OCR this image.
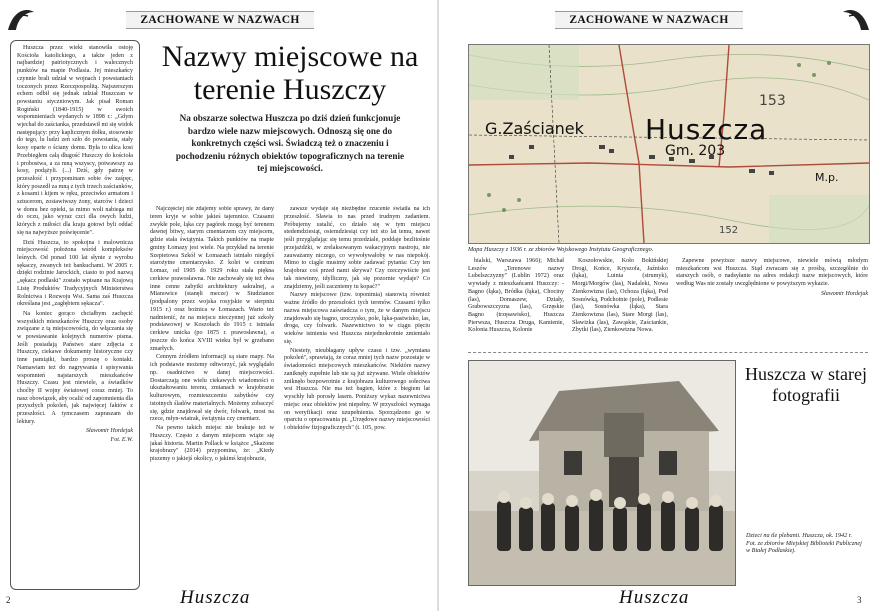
ZACHOWANE W NAZWACH

Huszcza przez wieki stanowiła ostoję Kościoła katolickiego, a także jeden z najbardziej patriotycznych i walecznych punktów na mapie Podlasia. Jej mieszkańcy czynnie brali udział w wojnach i powstaniach toczonych przez Rzeczpospolitą. Najszerszym echem odbił się jednak udział Huszczan w powstaniu styczniowym. Jak pisał Roman Rogiński (1840-1915) w swoich wspomnieniach wydanych w 1898 r.: „Gdym wjechał do zaścianka, przedstawił mi się widok następujący: przy kaplicznym dołku, stosownie do tego, lu ludzi zeń szło do powstania, stały kosy oparte o ściany domu. Była to ulica kosi Przebiegłem całą długość Huszczy do kościoła i probostwa, a za mną wszyscy, potwawszy za kosy, podążyli. (...) Dziś, gdy patrzę w przeszłość i przypominam sobie ów zaśpęc, który poszedł za mną z tych trzech zaścianków, z kosami i kijem w ręku, przeciwko armatom i sztucerom, zostawiwszy żony, starców i dzieci w domu bez opieki, ta mimo woli nabiega mi do oczu, jako wyraz czci dla owych ludzi, których z miłości dla kraju gotowi byli oddać się na najwyższe poświęcenie".

Dziś Huszcza, to spokojna i malownicza miejscowość położona wśród kompleksów leśnych. Od ponad 100 lat słynie z wyrobu sękaczy, zwanych też bankuchami. W 2005 r. dzięki rodzinie Jarockich, ciasto to pod nazwą „sękacz podlaski" zostało wpisane na Krajową Listę Produktów Tradycyjnych Ministerstwa Rolnictwa i Rozwoju Wsi. Sama zaś Huszcza określana jest „zagłębiem sękacza".

Na koniec gorąco chciałbym zachęcić wszystkich mieszkańców Huszczy oraz osoby związane z tą miejscowością, do włączania się w powstawanie kolejnych numerów pisma. Jeśli posiadają Państwo stare zdjęcia z Huszczy, ciekawe dokumenty historyczne czy inne pamiątki, bardzo proszę o kontakt. Namawiam też do nagrywania i spisywania wspomnień najstarszych mieszkańców Huszczy. Czasu jest niewiele, a świadków choćby II wojny światowej coraz mniej. To nasz obowiązek, aby ocalić od zapomnienia dla przyszłych pokoleń, jak najwięcej faktów z przeszłości. A tymczasem zapraszam do lektury.

Sławomir Hordejuk
Fot. E.W.
Nazwy miejscowe na terenie Huszczy
Na obszarze sołectwa Huszcza po dziś dzień funkcjonuje bardzo wiele nazw miejscowych. Odnoszą się one do konkretnych części wsi. Świadczą też o znaczeniu i pochodzeniu różnych obiektów topograficznych na terenie tej miejscowości.

Najczęściej nie zdajemy sobie sprawy, że dany teren kryje w sobie jakieś tajemnice. Czasami zwykłe pole, łąka czy pagórek mogą być terenem dawnej bitwy, starym cmentarzem czy miejscem, gdzie stała świątynia. Takich punktów na mapie gminy Łomazy jest wiele. Na przykład na terenie Szepietowa Szkół w Łomazach istniało niegdyś starożytne cmentarzysko. Z kolei w centrum Łomaz, od 1905 do 1929 roku stała piękna cerkiew prawosławna. Nie zachowały się też dwa inne cenne zabytki architektury sakralnej, a Mianowice (stanęli mecze) w Studziance (podpalony przez wojska rosyjskie w sierpniu 1915 r.) oraz bożnica w Łomazach. Warto też nadmienić, że na miejscu nieczynnej już szkoły podstawowej w Koszołach do 1915 r. istniała cerkiew unicka (po 1875 r. prawosławna), a jeszcze do końca XVIII wieku był w grzebano zmarłych.

Cennym źródłem informacji są stare mapy. Na ich podstawie możemy odtworzyć, jak wyglądało np. osadnictwo w danej miejscowości. Dostarczają one wielu ciekawych wiadomości o ukształtowaniu terenu, zmianach w krajobrazie kulturowym, rozmieszczeniu zabytków czy istotnych śladów materialnych. Możemy zobaczyć się, gdzie znajdował się dwór, folwark, most na rzece, młyn-wiatrak, świątynia czy cmentarz.

Na pewno takich miejsc nie brakuje też w Huszczy. Często z danym miejscem wiąże się jakaś historia. Martin Pollack w książce „Skażone krajobrazy" (2014) przypomina, że: „Kiedy piszemy o jakiejś okolicy, o jakimś krajobrazie,

zawsze wydaje się niezbędne rzucenie światła na ich przeszłość. Sławia to nas przed trudnym zadaniem. Próbujemy ustalić, co działo się w tym miejscu stedemdziesiąt, osiemdziesiąt czy też sto lat temu, nawet jeśli przyglądając się temu przedziale, poddaje bezlitośnie przejażdżki, w zrelaksowanym wakacyjnym nastroju, nie zauważamy niczego, co wywoływałoby w nas niepokój. Mimo to ciągle musimy sobie zadawać pytania: Czy ten krajobraz coś przed nami skrywa? Czy rzeczywiście jest tak niewinny, idylliczny, jak się pozornie wydaje? Co znajdziemy, jeśli zaczniemy tu kopać?"

Nazwy miejscowe (tzw. toponimia) stanowią również ważne źródło do przeszłości tych terenów. Czasami tylko nazwa miejscowa zaświadcza o tym, że w danym miejscu znajdowało się bagno, uroczysko, pole, łąka-pastwisko, las, droga, czy folwark. Nazewnictwo to w ciągu pięciu wieków istnienia wsi Huszcza niejednokrotnie zmieniało się.

Niestety, nieubłagany upływ czasu i tzw. „wymiana pokoleń", sprawiają, że coraz mniej tych nazw pozostaje w świadomości miejscowych mieszkańców. Niektóre nazwy zaniknęły zupełnie lub nie są już używane. Wiele obiektów zniknęło bezpowrotnie z krajobrazu kulturowego sołectwa wsi Huszcza. Nie ma też bagien, które z biegiem lat wyschły lub porosły lasem. Poniższy wykaz nazewnictwa miejsc oraz obiektów jest niepełny. W przyszłości wymaga on weryfikacji oraz uzupełnienia. Sporządzono go w oparciu o opracowania pt. „Urzędowe nazwy miejscowości i obiektów fizjograficznych" (t. 105, pow.

2	Huszcza
ZACHOWANE W NAZWACH
3
Huszcza
G.Zaścianek Huszcza
Gm. 203
153
152
M.p.
Mapa Huszczy z 1936 r. ze zbiorów Wojskowego Instytutu Geograficznego.

bialski, Warszawa 1966); Michał Leszów „Terenowe nazwy Lubelszczyzny" (Lublin 1972) oraz wywiady z mieszkańcami Huszczy: - Bagno (łąka), Bródka (łąka), Chociny (las), Domaszew, Działy, Grabowszczyzna (las), Grzęskie Bagno (trzęsawisko), Huszcza Pierwsza, Huszcza Druga, Kamienie, Kolonia Huszcza, Kolonie

Koszołowskie, Koło Bokińskiej Drogi, Końce, Kryszofa, Jaźnisko (łąka), Luinia (strumyk), Morgi/Morgów (las), Nadaleki, Nowa Zienkowtzna (las), Ochoza (łąka), Pod Sosnówką, Podchoinie (pole), Podlesie (las), Sosnówka (łąka), Stara Zienkowtzna (las), Stare Morgi (las), Sławizka (las), Zawąskie, Zaściankie, Zbytki (las), Zienkowtzna Nowa.

Zapewne powyższe nazwy miejscowe, niewiele mówią młodym mieszkańcom wsi Huszcza. Stąd zwracam się z prośbą, szczególnie do starszych osób, o nadsyłanie na adres redakcji nazw miejscowych, które według Was nie zostały uwzględnione w powyższym wykazie.

Sławomir Hordejuk
Huszcza w starej fotografii
Dzieci na tle plebanii. Huszcza, ok. 1942 r.
Fot. ze zbiorów Miejskiej Biblioteki Publicznej w Białej Podlaskiej.
